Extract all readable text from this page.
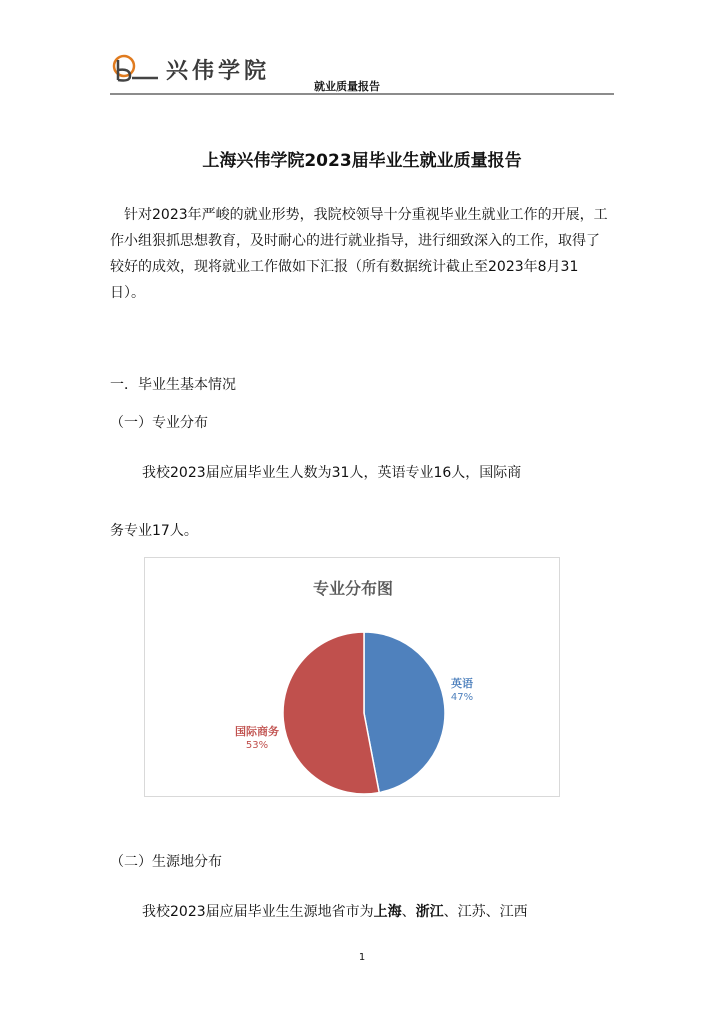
兴伟学院
就业质量报告
上海兴伟学院2023届毕业生就业质量报告
针对2023年严峻的就业形势，我院校领导十分重视毕业生就业工作的开展，工作小组狠抓思想教育，及时耐心的进行就业指导，进行细致深入的工作，取得了较好的成效，现将就业工作做如下汇报（所有数据统计截止至2023年8月31日）。
一．毕业生基本情况
（一）专业分布
我校2023届应届毕业生人数为31人，英语专业16人，国际商
务专业17人。
专业分布图
英语
47%
国际商务
53%
（二）生源地分布
我校2023届应届毕业生生源地省市为上海、浙江、江苏、江西
1
